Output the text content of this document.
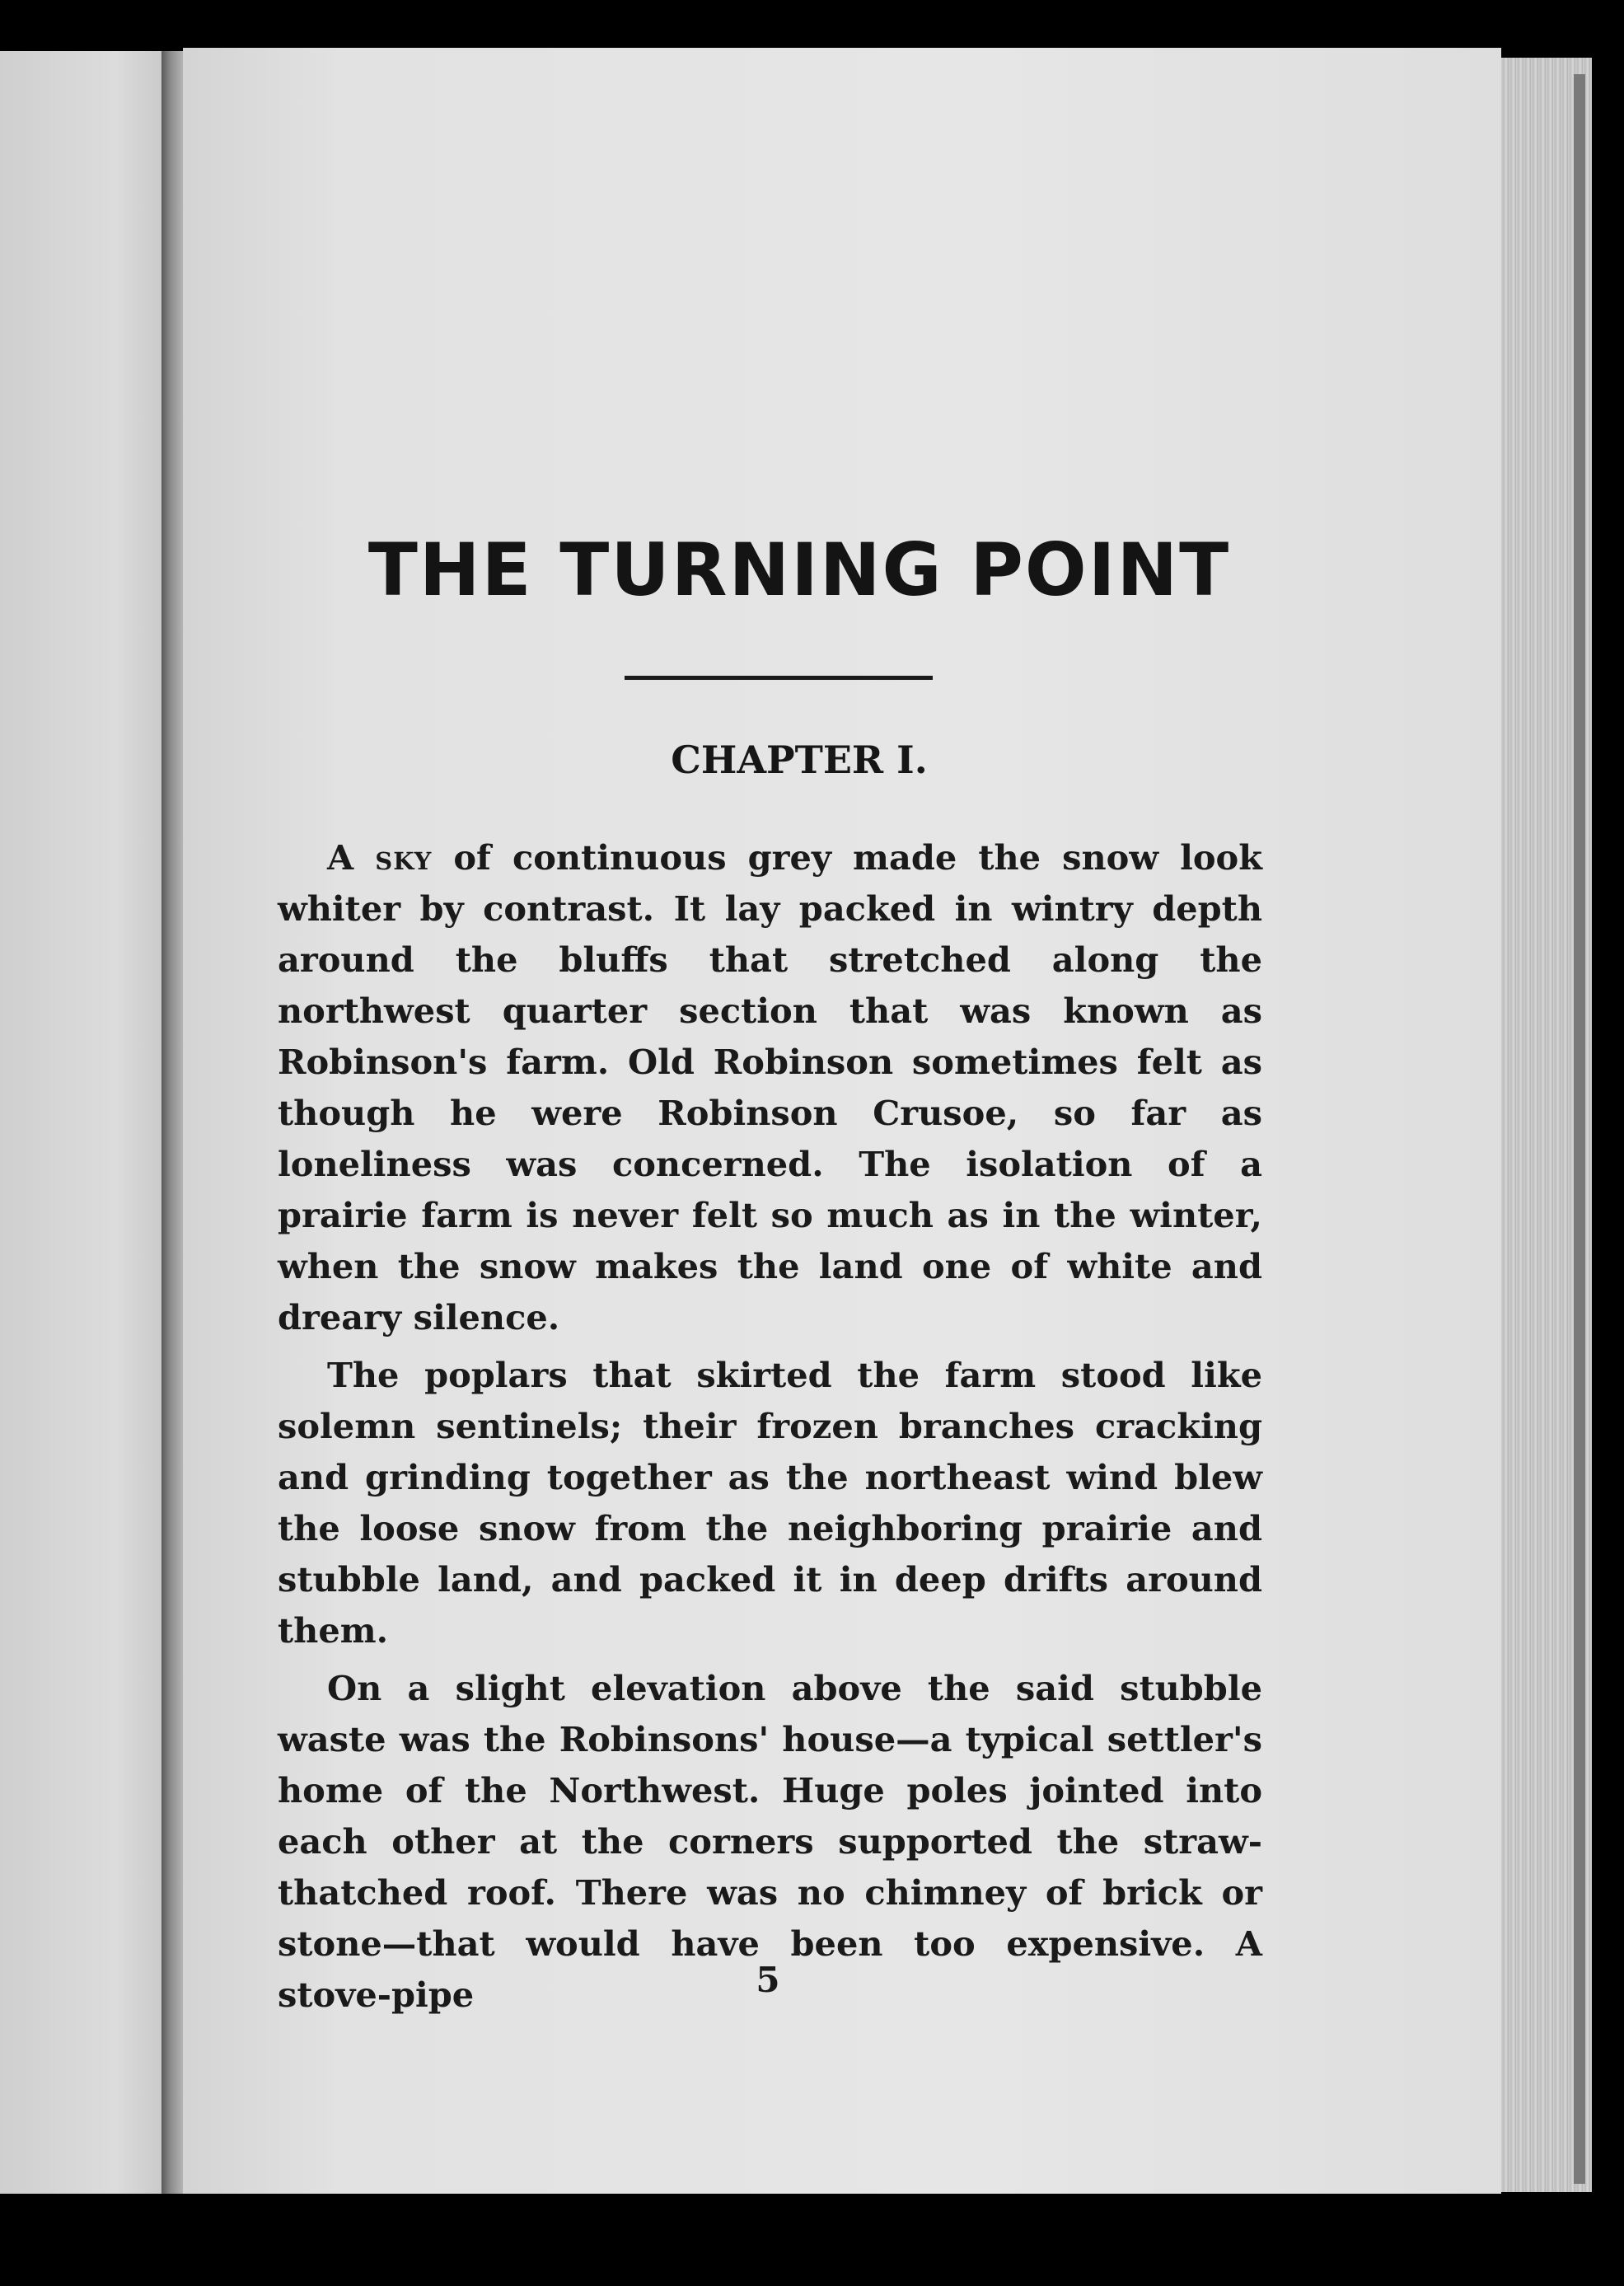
THE TURNING POINT
CHAPTER I.

A sky of continuous grey made the snow look whiter by contrast. It lay packed in wintry depth around the bluffs that stretched along the northwest quarter section that was known as Robinson's farm. Old Robinson sometimes felt as though he were Robinson Crusoe, so far as loneliness was concerned. The isolation of a prairie farm is never felt so much as in the winter, when the snow makes the land one of white and dreary silence.

The poplars that skirted the farm stood like solemn sentinels; their frozen branches cracking and grinding together as the northeast wind blew the loose snow from the neighboring prairie and stubble land, and packed it in deep drifts around them.

On a slight elevation above the said stubble waste was the Robinsons' house—a typical settler's home of the Northwest. Huge poles jointed into each other at the corners supported the straw-thatched roof. There was no chimney of brick or stone—that would have been too expensive. A stove-pipe	5
